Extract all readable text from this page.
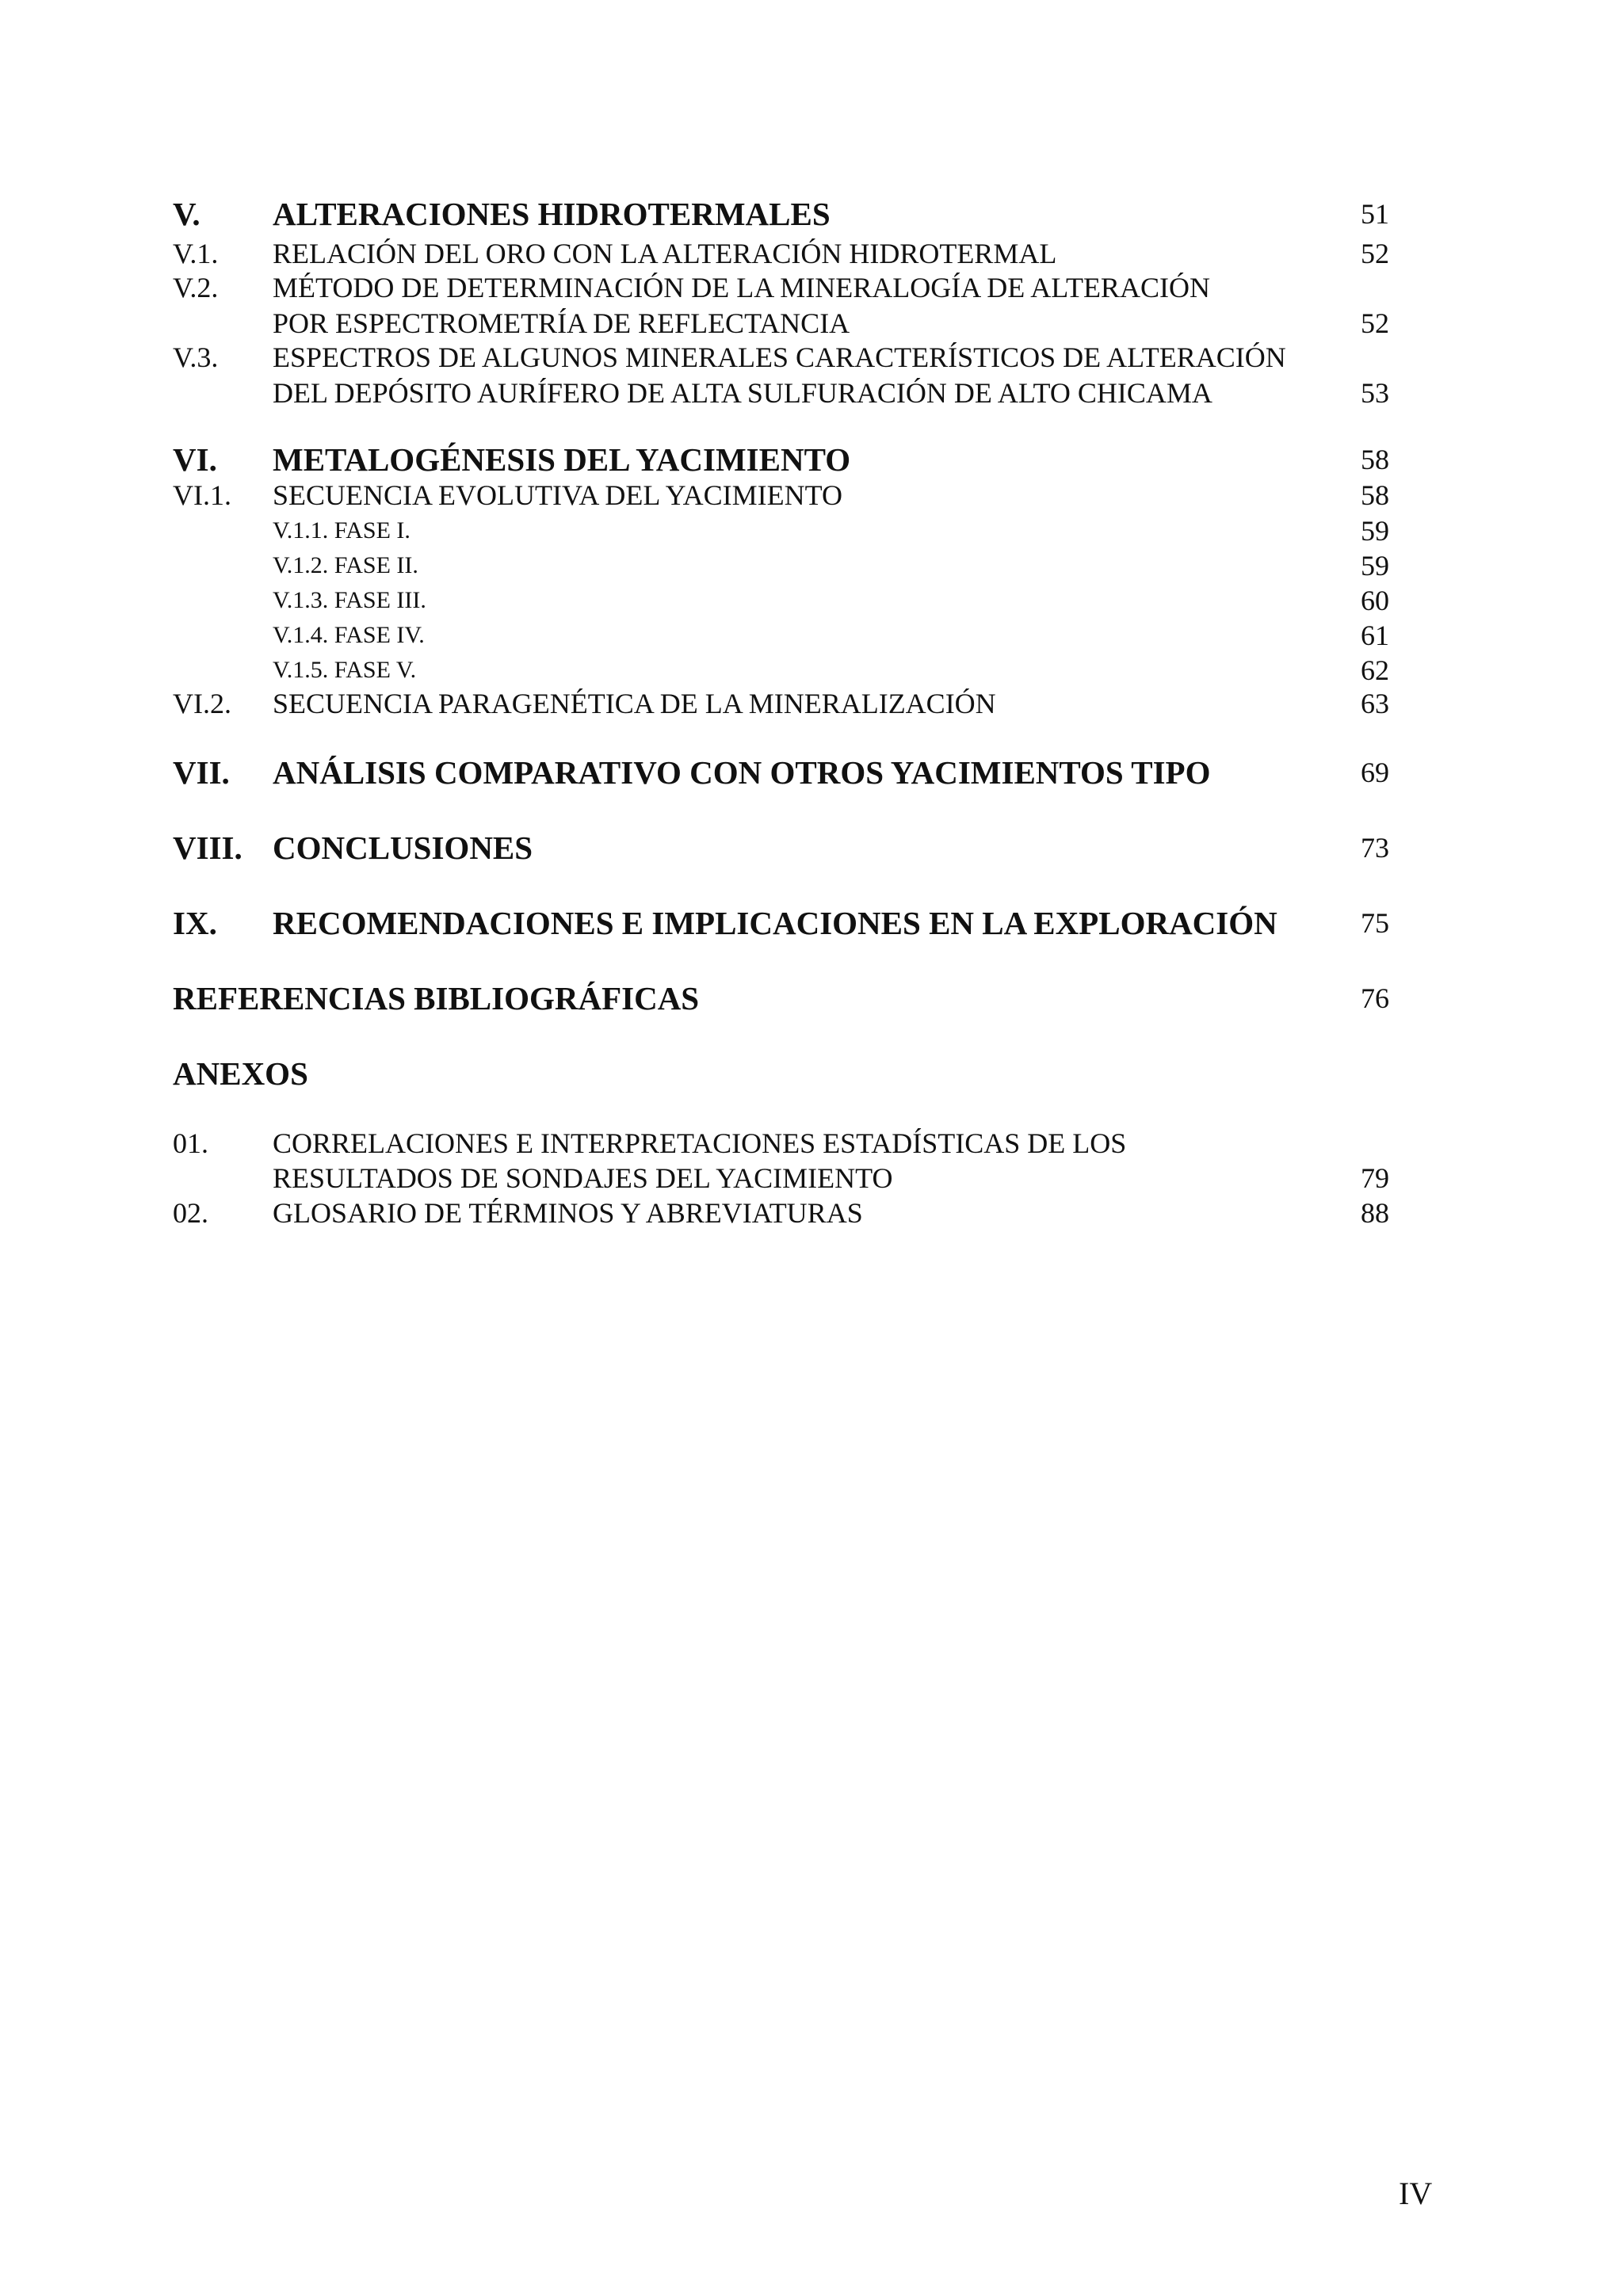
V. ALTERACIONES HIDROTERMALES	51
V.1. RELACIÓN DEL ORO CON LA ALTERACIÓN HIDROTERMAL	52
V.2. MÉTODO DE DETERMINACIÓN DE LA MINERALOGÍA DE ALTERACIÓN
POR ESPECTROMETRÍA DE REFLECTANCIA	52
V.3. ESPECTROS DE ALGUNOS MINERALES CARACTERÍSTICOS DE ALTERACIÓN
DEL DEPÓSITO AURÍFERO DE ALTA SULFURACIÓN DE ALTO CHICAMA	53
VI. METALOGÉNESIS DEL YACIMIENTO	58
VI.1. SECUENCIA EVOLUTIVA DEL YACIMIENTO	58
V.1.1. FASE I.	59
V.1.2. FASE II.	59
V.1.3. FASE III.	60
V.1.4. FASE IV.	61
V.1.5. FASE V.	62
VI.2. SECUENCIA PARAGENÉTICA DE LA MINERALIZACIÓN	63
VII. ANÁLISIS COMPARATIVO CON OTROS YACIMIENTOS TIPO	69
VIII. CONCLUSIONES	73
IX. RECOMENDACIONES E IMPLICACIONES EN LA EXPLORACIÓN	75
REFERENCIAS BIBLIOGRÁFICAS	76
ANEXOS
01. CORRELACIONES E INTERPRETACIONES ESTADÍSTICAS DE LOS
RESULTADOS DE SONDAJES DEL YACIMIENTO	79
02. GLOSARIO DE TÉRMINOS Y ABREVIATURAS	88
IV
